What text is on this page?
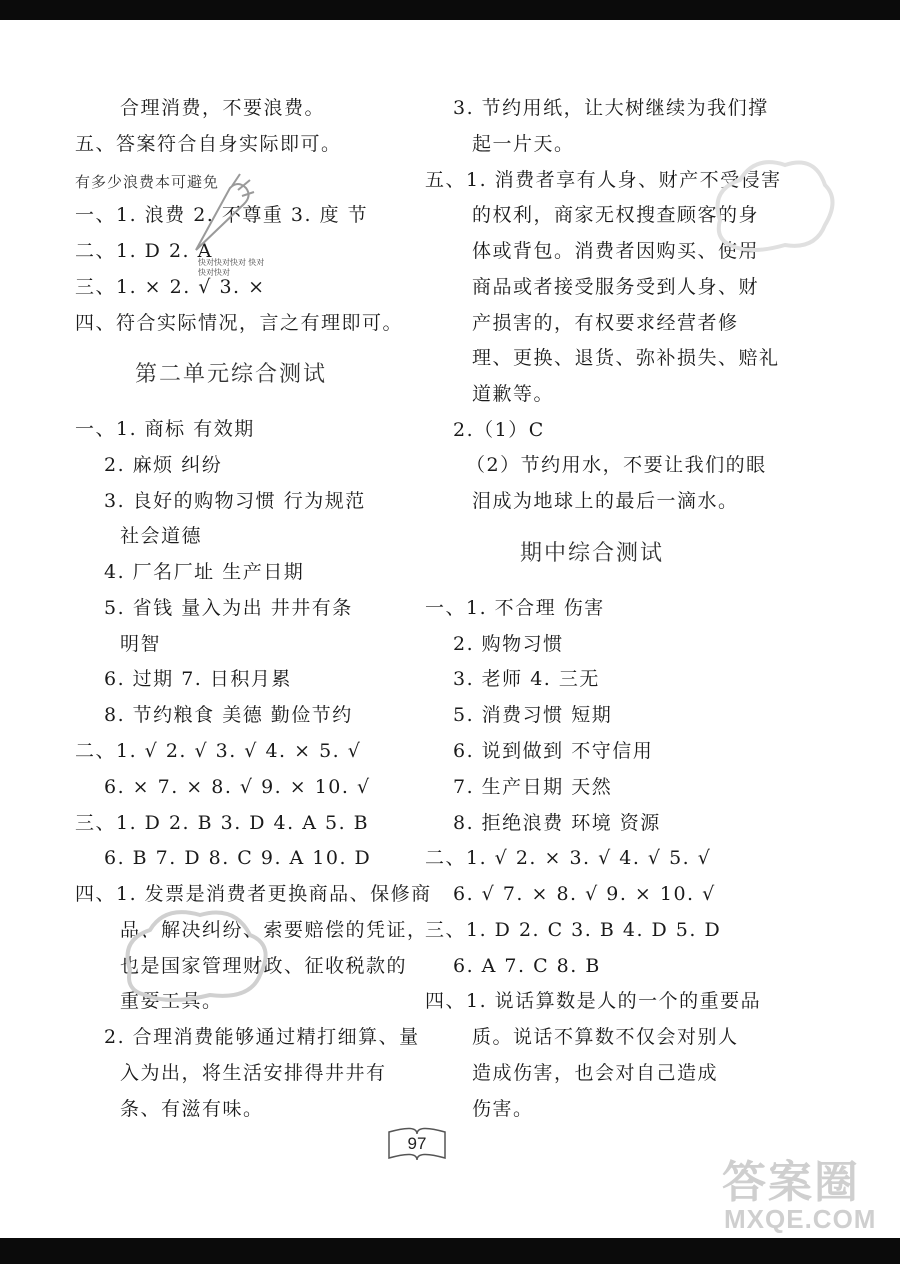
合理消费，不要浪费。
五、答案符合自身实际即可。
有多少浪费本可避免
一、1. 浪费 2. 不尊重 3. 度 节
二、1. D 2. A
三、1. × 2. √ 3. ×
四、符合实际情况，言之有理即可。
第二单元综合测试
一、1. 商标 有效期
2. 麻烦 纠纷
3. 良好的购物习惯 行为规范
社会道德
4. 厂名厂址 生产日期
5. 省钱 量入为出 井井有条
明智
6. 过期 7. 日积月累
8. 节约粮食 美德 勤俭节约
二、1. √ 2. √ 3. √ 4. × 5. √
6. × 7. × 8. √ 9. × 10. √
三、1. D 2. B 3. D 4. A 5. B
6. B 7. D 8. C 9. A 10. D
四、1. 发票是消费者更换商品、保修商
品、解决纠纷、索要赔偿的凭证，
也是国家管理财政、征收税款的
重要工具。
2. 合理消费能够通过精打细算、量
入为出，将生活安排得井井有
条、有滋有味。
3. 节约用纸，让大树继续为我们撑
起一片天。
五、1. 消费者享有人身、财产不受侵害
的权利，商家无权搜查顾客的身
体或背包。消费者因购买、使用
商品或者接受服务受到人身、财
产损害的，有权要求经营者修
理、更换、退货、弥补损失、赔礼
道歉等。
2.（1）C
（2）节约用水，不要让我们的眼
泪成为地球上的最后一滴水。
期中综合测试
一、1. 不合理 伤害
2. 购物习惯
3. 老师 4. 三无
5. 消费习惯 短期
6. 说到做到 不守信用
7. 生产日期 天然
8. 拒绝浪费 环境 资源
二、1. √ 2. × 3. √ 4. √ 5. √
6. √ 7. × 8. √ 9. × 10. √
三、1. D 2. C 3. B 4. D 5. D
6. A 7. C 8. B
四、1. 说话算数是人的一个的重要品
质。说话不算数不仅会对别人
造成伤害，也会对自己造成
伤害。
快对快对快对 快对快对快对
97
答案圈
MXQE.COM
